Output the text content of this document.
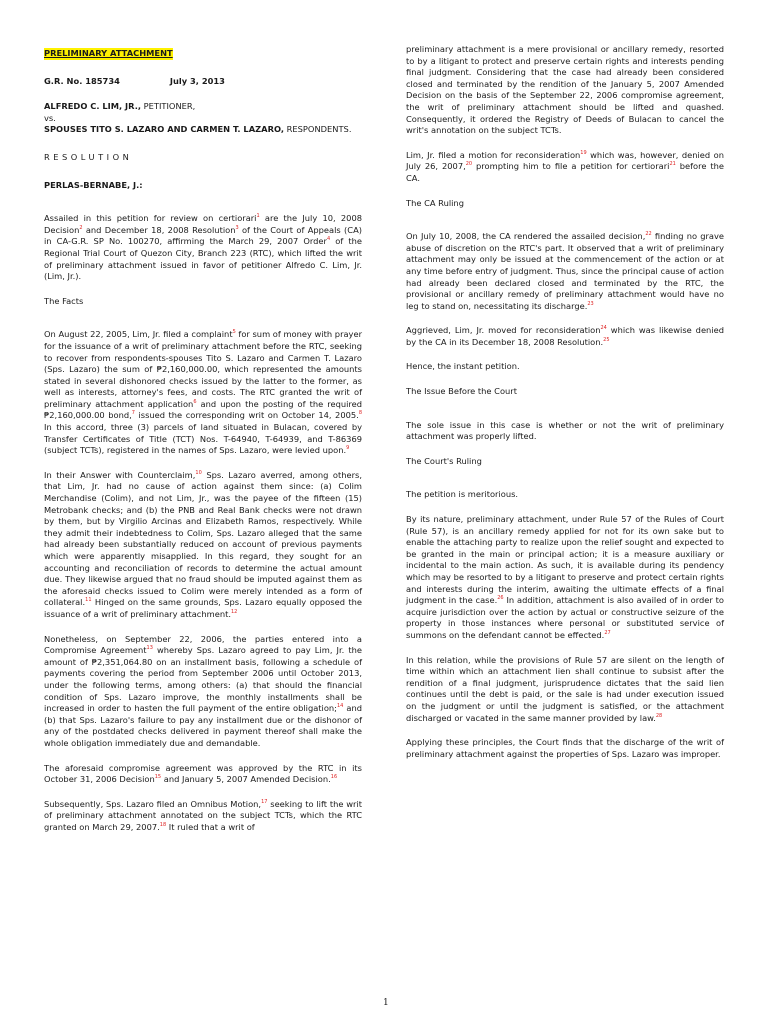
PRELIMINARY ATTACHMENT
G.R. No. 185734	July 3, 2013
ALFREDO C. LIM, JR., PETITIONER,
vs.
SPOUSES TITO S. LAZARO AND CARMEN T. LAZARO, RESPONDENTS.
RESOLUTION
PERLAS-BERNABE, J.:

Assailed in this petition for review on certiorari$^1$ are the July 10, 2008 Decision$^2$ and December 18, 2008 Resolution$^3$ of the Court of Appeals (CA) in CA-G.R. SP No. 100270, affirming the March 29, 2007 Order$^4$ of the Regional Trial Court of Quezon City, Branch 223 (RTC), which lifted the writ of preliminary attachment issued in favor of petitioner Alfredo C. Lim, Jr. (Lim, Jr.).

The Facts

On August 22, 2005, Lim, Jr. filed a complaint$^5$ for sum of money with prayer for the issuance of a writ of preliminary attachment before the RTC, seeking to recover from respondents-spouses Tito S. Lazaro and Carmen T. Lazaro (Sps. Lazaro) the sum of ₱2,160,000.00, which represented the amounts stated in several dishonored checks issued by the latter to the former, as well as interests, attorney's fees, and costs. The RTC granted the writ of preliminary attachment application$^6$ and upon the posting of the required ₱2,160,000.00 bond,$^7$ issued the corresponding writ on October 14, 2005.$^8$ In this accord, three (3) parcels of land situated in Bulacan, covered by Transfer Certificates of Title (TCT) Nos. T-64940, T-64939, and T-86369 (subject TCTs), registered in the names of Sps. Lazaro, were levied upon.$^9$

In their Answer with Counterclaim,$^{10}$ Sps. Lazaro averred, among others, that Lim, Jr. had no cause of action against them since: (a) Colim Merchandise (Colim), and not Lim, Jr., was the payee of the fifteen (15) Metrobank checks; and (b) the PNB and Real Bank checks were not drawn by them, but by Virgilio Arcinas and Elizabeth Ramos, respectively. While they admit their indebtedness to Colim, Sps. Lazaro alleged that the same had already been substantially reduced on account of previous payments which were apparently misapplied. In this regard, they sought for an accounting and reconciliation of records to determine the actual amount due. They likewise argued that no fraud should be imputed against them as the aforesaid checks issued to Colim were merely intended as a form of collateral.$^{11}$ Hinged on the same grounds, Sps. Lazaro equally opposed the issuance of a writ of preliminary attachment.$^{12}$

Nonetheless, on September 22, 2006, the parties entered into a Compromise Agreement$^{13}$ whereby Sps. Lazaro agreed to pay Lim, Jr. the amount of ₱2,351,064.80 on an installment basis, following a schedule of payments covering the period from September 2006 until October 2013, under the following terms, among others: (a) that should the financial condition of Sps. Lazaro improve, the monthly installments shall be increased in order to hasten the full payment of the entire obligation;$^{14}$ and (b) that Sps. Lazaro's failure to pay any installment due or the dishonor of any of the postdated checks delivered in payment thereof shall make the whole obligation immediately due and demandable.

The aforesaid compromise agreement was approved by the RTC in its October 31, 2006 Decision$^{15}$ and January 5, 2007 Amended Decision.$^{16}$

Subsequently, Sps. Lazaro filed an Omnibus Motion,$^{17}$ seeking to lift the writ of preliminary attachment annotated on the subject TCTs, which the RTC granted on March 29, 2007.18 It ruled that a writ of

preliminary attachment is a mere provisional or ancillary remedy, resorted to by a litigant to protect and preserve certain rights and interests pending final judgment. Considering that the case had already been considered closed and terminated by the rendition of the January 5, 2007 Amended Decision on the basis of the September 22, 2006 compromise agreement, the writ of preliminary attachment should be lifted and quashed. Consequently, it ordered the Registry of Deeds of Bulacan to cancel the writ's annotation on the subject TCTs.

Lim, Jr. filed a motion for reconsideration$^{19}$ which was, however, denied on July 26, 2007,20 prompting him to file a petition for certiorari$^{21}$ before the CA.

The CA Ruling

On July 10, 2008, the CA rendered the assailed decision,$^{22}$ finding no grave abuse of discretion on the RTC's part. It observed that a writ of preliminary attachment may only be issued at the commencement of the action or at any time before entry of judgment. Thus, since the principal cause of action had already been declared closed and terminated by the RTC, the provisional or ancillary remedy of preliminary attachment would have no leg to stand on, necessitating its discharge.$^{23}$

Aggrieved, Lim, Jr. moved for reconsideration$^{24}$ which was likewise denied by the CA in its December 18, 2008 Resolution.$^{25}$

Hence, the instant petition.

The Issue Before the Court

The sole issue in this case is whether or not the writ of preliminary attachment was properly lifted.

The Court's Ruling

The petition is meritorious.

By its nature, preliminary attachment, under Rule 57 of the Rules of Court (Rule 57), is an ancillary remedy applied for not for its own sake but to enable the attaching party to realize upon the relief sought and expected to be granted in the main or principal action; it is a measure auxiliary or incidental to the main action. As such, it is available during its pendency which may be resorted to by a litigant to preserve and protect certain rights and interests during the interim, awaiting the ultimate effects of a final judgment in the case.$^{26}$ In addition, attachment is also availed of in order to acquire jurisdiction over the action by actual or constructive seizure of the property in those instances where personal or substituted service of summons on the defendant cannot be effected.$^{27}$

In this relation, while the provisions of Rule 57 are silent on the length of time within which an attachment lien shall continue to subsist after the rendition of a final judgment, jurisprudence dictates that the said lien continues until the debt is paid, or the sale is had under execution issued on the judgment or until the judgment is satisfied, or the attachment discharged or vacated in the same manner provided by law.$^{28}$

Applying these principles, the Court finds that the discharge of the writ of preliminary attachment against the properties of Sps. Lazaro was improper.

1
